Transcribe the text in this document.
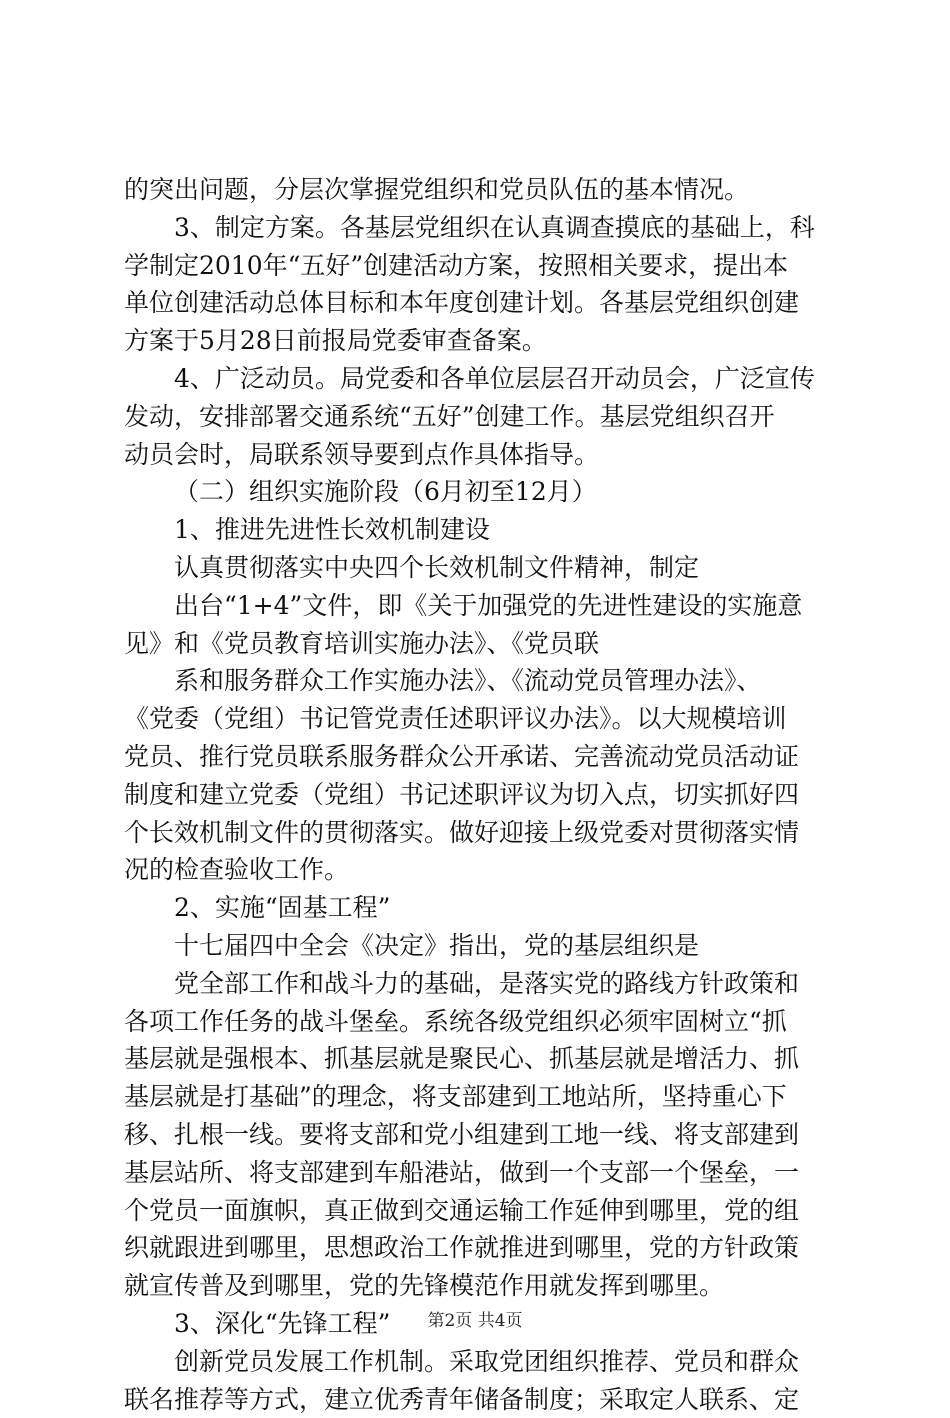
的突出问题，分层次掌握党组织和党员队伍的基本情况。
3、制定方案。各基层党组织在认真调查摸底的基础上，科
学制定2010年“五好”创建活动方案，按照相关要求，提出本
单位创建活动总体目标和本年度创建计划。各基层党组织创建
方案于5月28日前报局党委审查备案。
4、广泛动员。局党委和各单位层层召开动员会，广泛宣传
发动，安排部署交通系统“五好”创建工作。基层党组织召开
动员会时，局联系领导要到点作具体指导。
（二）组织实施阶段（6月初至12月）
1、推进先进性长效机制建设
认真贯彻落实中央四个长效机制文件精神，制定
出台“1+4”文件，即《关于加强党的先进性建设的实施意
见》和《党员教育培训实施办法》、《党员联
系和服务群众工作实施办法》、《流动党员管理办法》、
《党委（党组）书记管党责任述职评议办法》。以大规模培训
党员、推行党员联系服务群众公开承诺、完善流动党员活动证
制度和建立党委（党组）书记述职评议为切入点，切实抓好四
个长效机制文件的贯彻落实。做好迎接上级党委对贯彻落实情
况的检查验收工作。
2、实施“固基工程”
十七届四中全会《决定》指出，党的基层组织是
党全部工作和战斗力的基础，是落实党的路线方针政策和
各项工作任务的战斗堡垒。系统各级党组织必须牢固树立“抓
基层就是强根本、抓基层就是聚民心、抓基层就是增活力、抓
基层就是打基础”的理念，将支部建到工地站所，坚持重心下
移、扎根一线。要将支部和党小组建到工地一线、将支部建到
基层站所、将支部建到车船港站，做到一个支部一个堡垒，一
个党员一面旗帜，真正做到交通运输工作延伸到哪里，党的组
织就跟进到哪里，思想政治工作就推进到哪里，党的方针政策
就宣传普及到哪里，党的先锋模范作用就发挥到哪里。
3、深化“先锋工程”
创新党员发展工作机制。采取党团组织推荐、党员和群众
联名推荐等方式，建立优秀青年储备制度；采取定人联系、定
第2页 共4页
